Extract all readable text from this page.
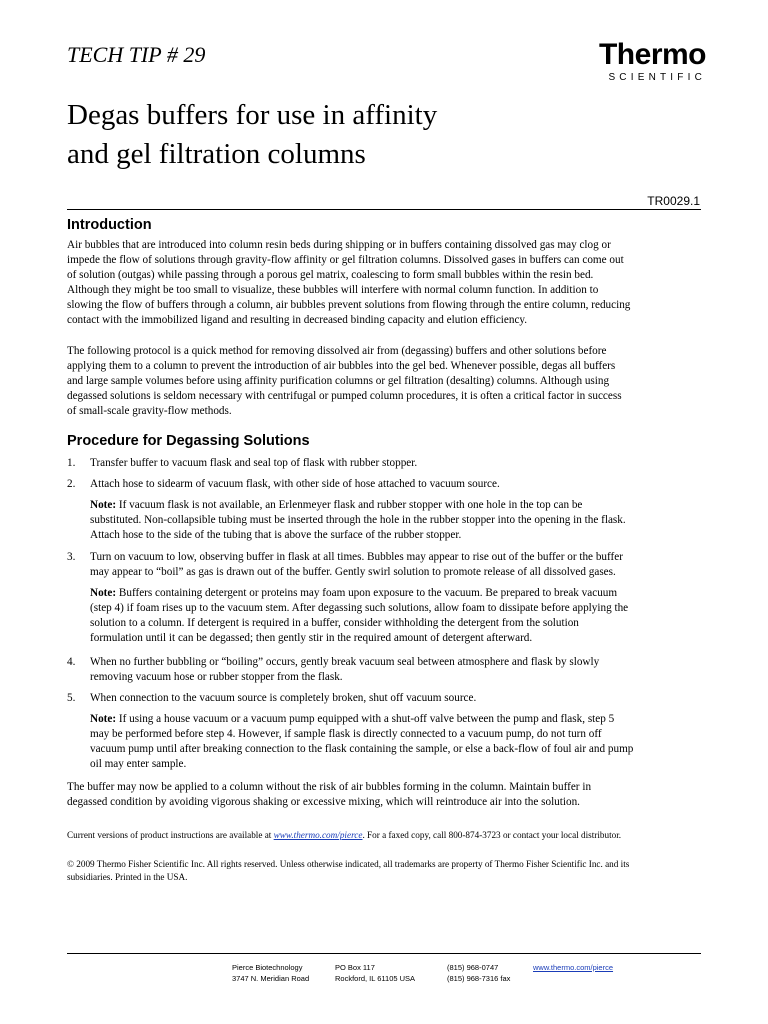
TECH TIP # 29	Thermo
SCIENTIFIC
Degas buffers for use in affinity
and gel filtration columns
TR0029.1
Introduction
Air bubbles that are introduced into column resin beds during shipping or in buffers containing dissolved gas may clog or
impede the flow of solutions through gravity-flow affinity or gel filtration columns. Dissolved gases in buffers can come out
of solution (outgas) while passing through a porous gel matrix, coalescing to form small bubbles within the resin bed.
Although they might be too small to visualize, these bubbles will interfere with normal column function. In addition to
slowing the flow of buffers through a column, air bubbles prevent solutions from flowing through the entire column, reducing
contact with the immobilized ligand and resulting in decreased binding capacity and elution efficiency.
The following protocol is a quick method for removing dissolved air from (degassing) buffers and other solutions before
applying them to a column to prevent the introduction of air bubbles into the gel bed. Whenever possible, degas all buffers
and large sample volumes before using affinity purification columns or gel filtration (desalting) columns. Although using
degassed solutions is seldom necessary with centrifugal or pumped column procedures, it is often a critical factor in success
of small-scale gravity-flow methods.
Procedure for Degassing Solutions
1. Transfer buffer to vacuum flask and seal top of flask with rubber stopper.
2. Attach hose to sidearm of vacuum flask, with other side of hose attached to vacuum source.
Note: If vacuum flask is not available, an Erlenmeyer flask and rubber stopper with one hole in the top can be
substituted. Non-collapsible tubing must be inserted through the hole in the rubber stopper into the opening in the flask.
Attach hose to the side of the tubing that is above the surface of the rubber stopper.
3. Turn on vacuum to low, observing buffer in flask at all times. Bubbles may appear to rise out of the buffer or the buffer
may appear to “boil” as gas is drawn out of the buffer. Gently swirl solution to promote release of all dissolved gases.
Note: Buffers containing detergent or proteins may foam upon exposure to the vacuum. Be prepared to break vacuum
(step 4) if foam rises up to the vacuum stem. After degassing such solutions, allow foam to dissipate before applying the
solution to a column. If detergent is required in a buffer, consider withholding the detergent from the solution
formulation until it can be degassed; then gently stir in the required amount of detergent afterward.
4. When no further bubbling or “boiling” occurs, gently break vacuum seal between atmosphere and flask by slowly
removing vacuum hose or rubber stopper from the flask.
5. When connection to the vacuum source is completely broken, shut off vacuum source.
Note: If using a house vacuum or a vacuum pump equipped with a shut-off valve between the pump and flask, step 5
may be performed before step 4. However, if sample flask is directly connected to a vacuum pump, do not turn off
vacuum pump until after breaking connection to the flask containing the sample, or else a back-flow of foul air and pump
oil may enter sample.
The buffer may now be applied to a column without the risk of air bubbles forming in the column. Maintain buffer in
degassed condition by avoiding vigorous shaking or excessive mixing, which will reintroduce air into the solution.
Current versions of product instructions are available at www.thermo.com/pierce. For a faxed copy, call 800-874-3723 or contact your local distributor.
© 2009 Thermo Fisher Scientific Inc. All rights reserved. Unless otherwise indicated, all trademarks are property of Thermo Fisher Scientific Inc. and its
subsidiaries. Printed in the USA.
Pierce Biotechnology
3747 N. Meridian Road
PO Box 117
Rockford, IL 61105 USA
(815) 968-0747
(815) 968-7316 fax
www.thermo.com/pierce
